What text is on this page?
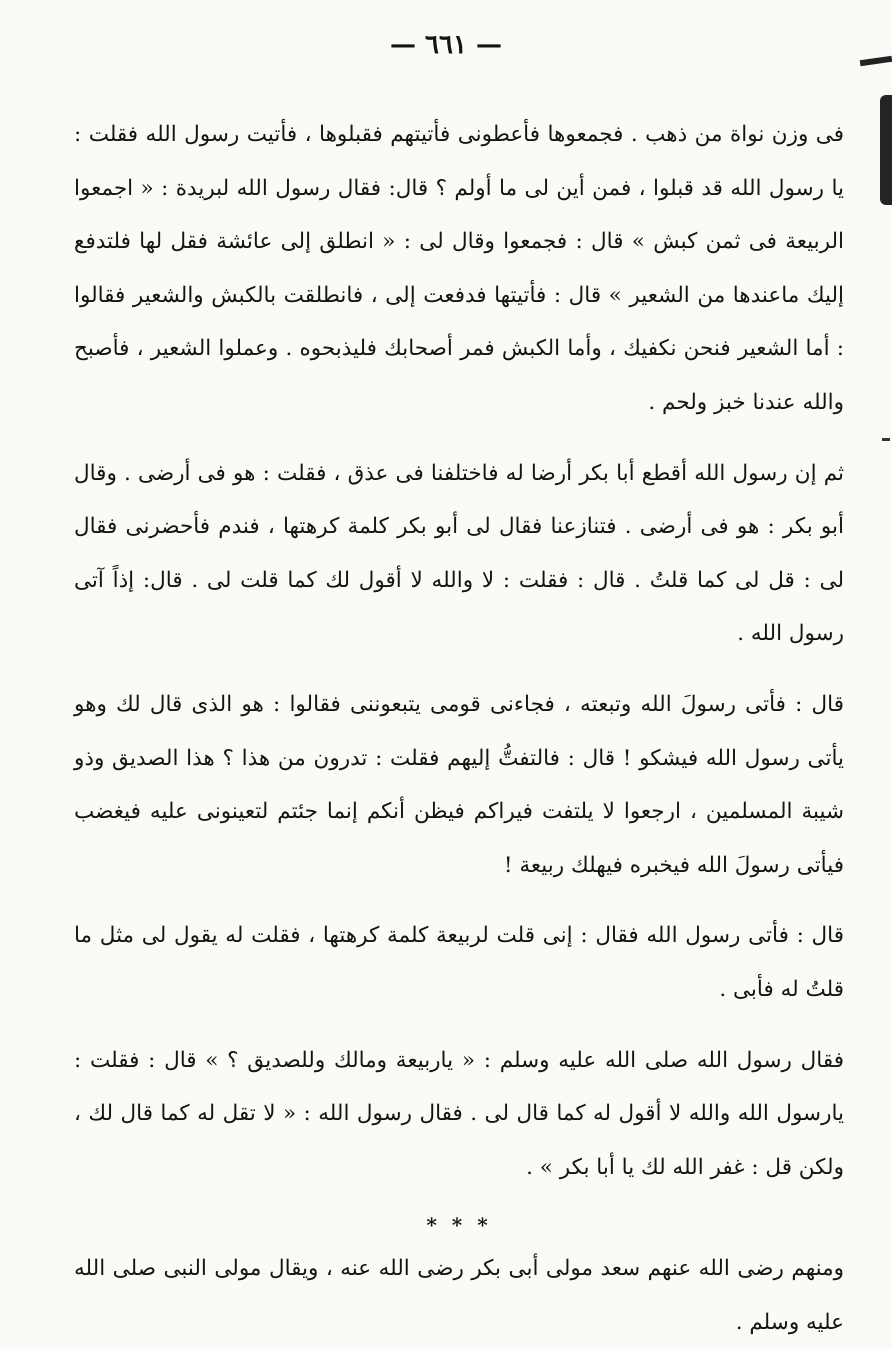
— ٦٦١ —

فى وزن نواة من ذهب . فجمعوها فأعطونى فأتيتهم فقبلوها ، فأتيت رسول الله فقلت : يا رسول الله قد قبلوا ، فمن أين لى ما أولم ؟ قال: فقال رسول الله لبريدة : « اجمعوا الربيعة فى ثمن كبش » قال : فجمعوا وقال لى : « انطلق إلى عائشة فقل لها فلتدفع إليك ماعندها من الشعير » قال : فأتيتها فدفعت إلى ، فانطلقت بالكبش والشعير فقالوا : أما الشعير فنحن نكفيك ، وأما الكبش فمر أصحابك فليذبحوه . وعملوا الشعير ، فأصبح والله عندنا خبز ولحم .

ثم إن رسول الله أقطع أبا بكر أرضا له فاختلفنا فى عذق ، فقلت : هو فى أرضى . وقال أبو بكر : هو فى أرضى . فتنازعنا فقال لى أبو بكر كلمة كرهتها ، فندم فأحضرنى فقال لى : قل لى كما قلتُ . قال : فقلت : لا والله لا أقول لك كما قلت لى . قال: إذاً آتى رسول الله .

قال : فأتى رسولَ الله وتبعته ، فجاءنى قومى يتبعوننى فقالوا : هو الذى قال لك وهو يأتى رسول الله فيشكو ! قال : فالتفتُّ إليهم فقلت : تدرون من هذا ؟ هذا الصديق وذو شيبة المسلمين ، ارجعوا لا يلتفت فيراكم فيظن أنكم إنما جئتم لتعينونى عليه فيغضب فيأتى رسولَ الله فيخبره فيهلك ربيعة !

قال : فأتى رسول الله فقال : إنى قلت لربيعة كلمة كرهتها ، فقلت له يقول لى مثل ما قلتُ له فأبى .

فقال رسول الله صلى الله عليه وسلم : « ياربيعة ومالك وللصديق ؟ » قال : فقلت : يارسول الله والله لا أقول له كما قال لى . فقال رسول الله : « لا تقل له كما قال لك ، ولكن قل : غفر الله لك يا أبا بكر » .

* * *

ومنهم رضى الله عنهم سعد مولى أبى بكر رضى الله عنه ، ويقال مولى النبى صلى الله عليه وسلم .
